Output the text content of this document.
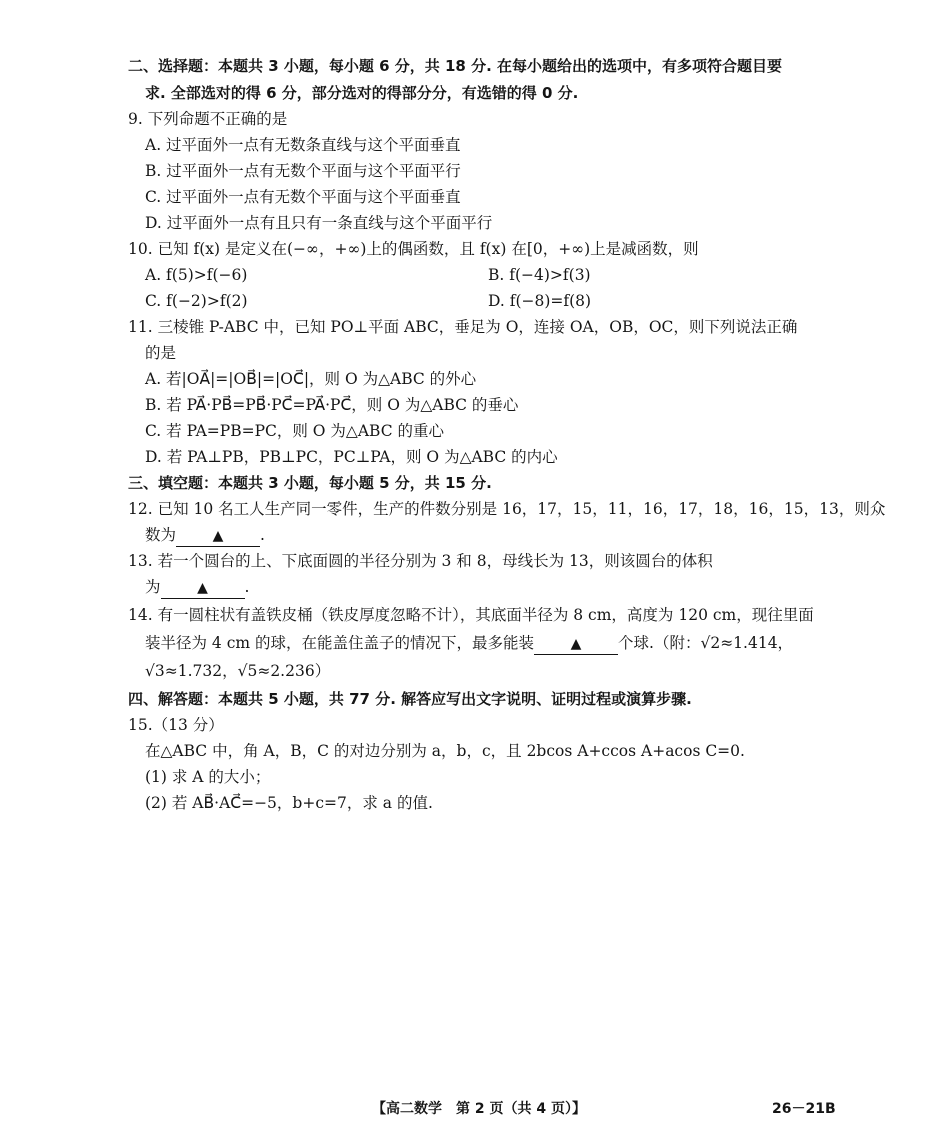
二、选择题：本题共 3 小题，每小题 6 分，共 18 分. 在每小题给出的选项中，有多项符合题目要
求. 全部选对的得 6 分，部分选对的得部分分，有选错的得 0 分.
9. 下列命题不正确的是
A. 过平面外一点有无数条直线与这个平面垂直
B. 过平面外一点有无数个平面与这个平面平行
C. 过平面外一点有无数个平面与这个平面垂直
D. 过平面外一点有且只有一条直线与这个平面平行
10. 已知 f(x) 是定义在(−∞，+∞)上的偶函数，且 f(x) 在[0，+∞)上是减函数，则
A. f(5)>f(−6)	B. f(−4)>f(3)
C. f(−2)>f(2)	D. f(−8)=f(8)
11. 三棱锥 P-ABC 中，已知 PO⊥平面 ABC，垂足为 O，连接 OA，OB，OC，则下列说法正确
的是
A. 若|OA⃗|=|OB⃗|=|OC⃗|，则 O 为△ABC 的外心
B. 若 PA⃗·PB⃗=PB⃗·PC⃗=PA⃗·PC⃗，则 O 为△ABC 的垂心
C. 若 PA=PB=PC，则 O 为△ABC 的重心
D. 若 PA⊥PB，PB⊥PC，PC⊥PA，则 O 为△ABC 的内心
三、填空题：本题共 3 小题，每小题 5 分，共 15 分.
12. 已知 10 名工人生产同一零件，生产的件数分别是 16，17，15，11，16，17，18，16，15，13，则众
数为	▲ .
13. 若一个圆台的上、下底面圆的半径分别为 3 和 8，母线长为 13，则该圆台的体积
为	▲ .
14. 有一圆柱状有盖铁皮桶（铁皮厚度忽略不计），其底面半径为 8 cm，高度为 120 cm，现往里面
装半径为 4 cm 的球，在能盖住盖子的情况下，最多能装	▲ 个球.（附：√2≈1.414，
√3≈1.732，√5≈2.236）
四、解答题：本题共 5 小题，共 77 分. 解答应写出文字说明、证明过程或演算步骤.
15.（13 分）
在△ABC 中，角 A，B，C 的对边分别为 a，b，c，且 2bcos A+ccos A+acos C=0.
(1) 求 A 的大小；
(2) 若 AB⃗·AC⃗=−5，b+c=7，求 a 的值.
【高二数学　第 2 页（共 4 页）】	26－21B
